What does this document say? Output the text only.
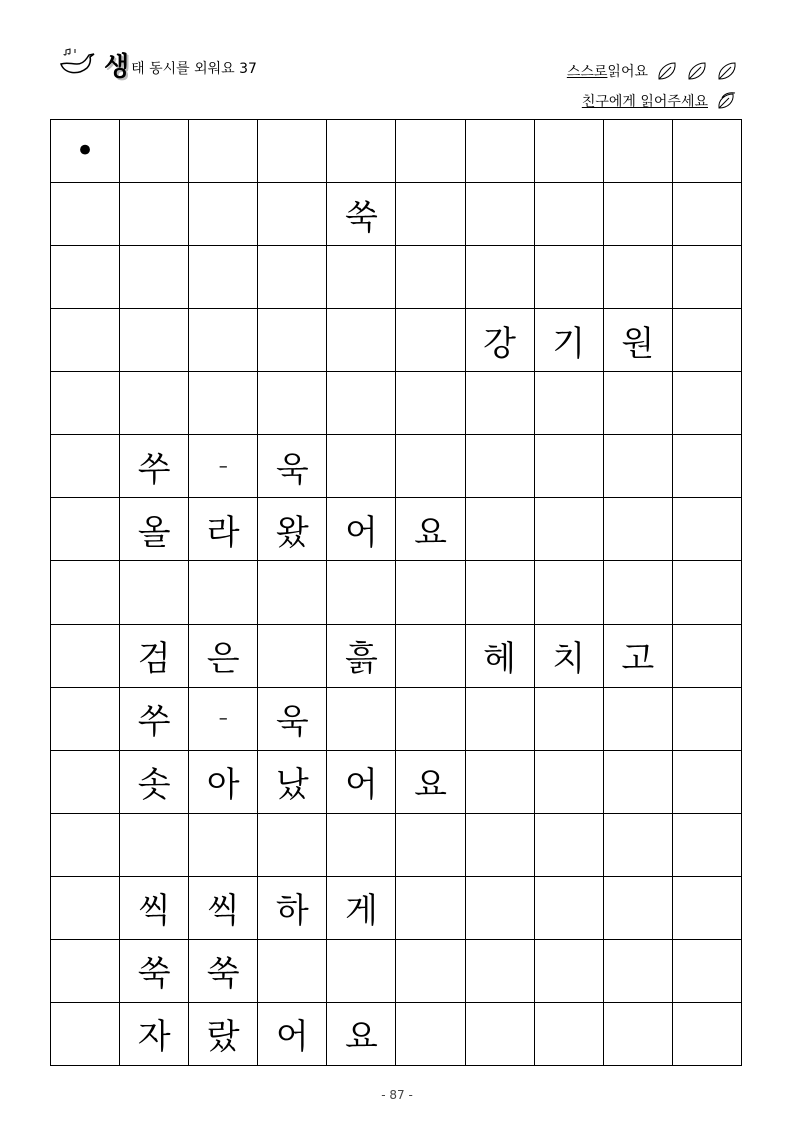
생 태 동시를 외워요 37	스스로 읽어요
친구에게 읽어주세요
•									
				쑥					

						강	기	원	

	쑤	–	욱						
	올	라	왔	어	요				

	검	은		흙		헤	치	고	
	쑤	–	욱						
	솟	아	났	어	요				

	씩	씩	하	게					
	쑥	쑥							
	자	랐	어	요					
- 87 -
